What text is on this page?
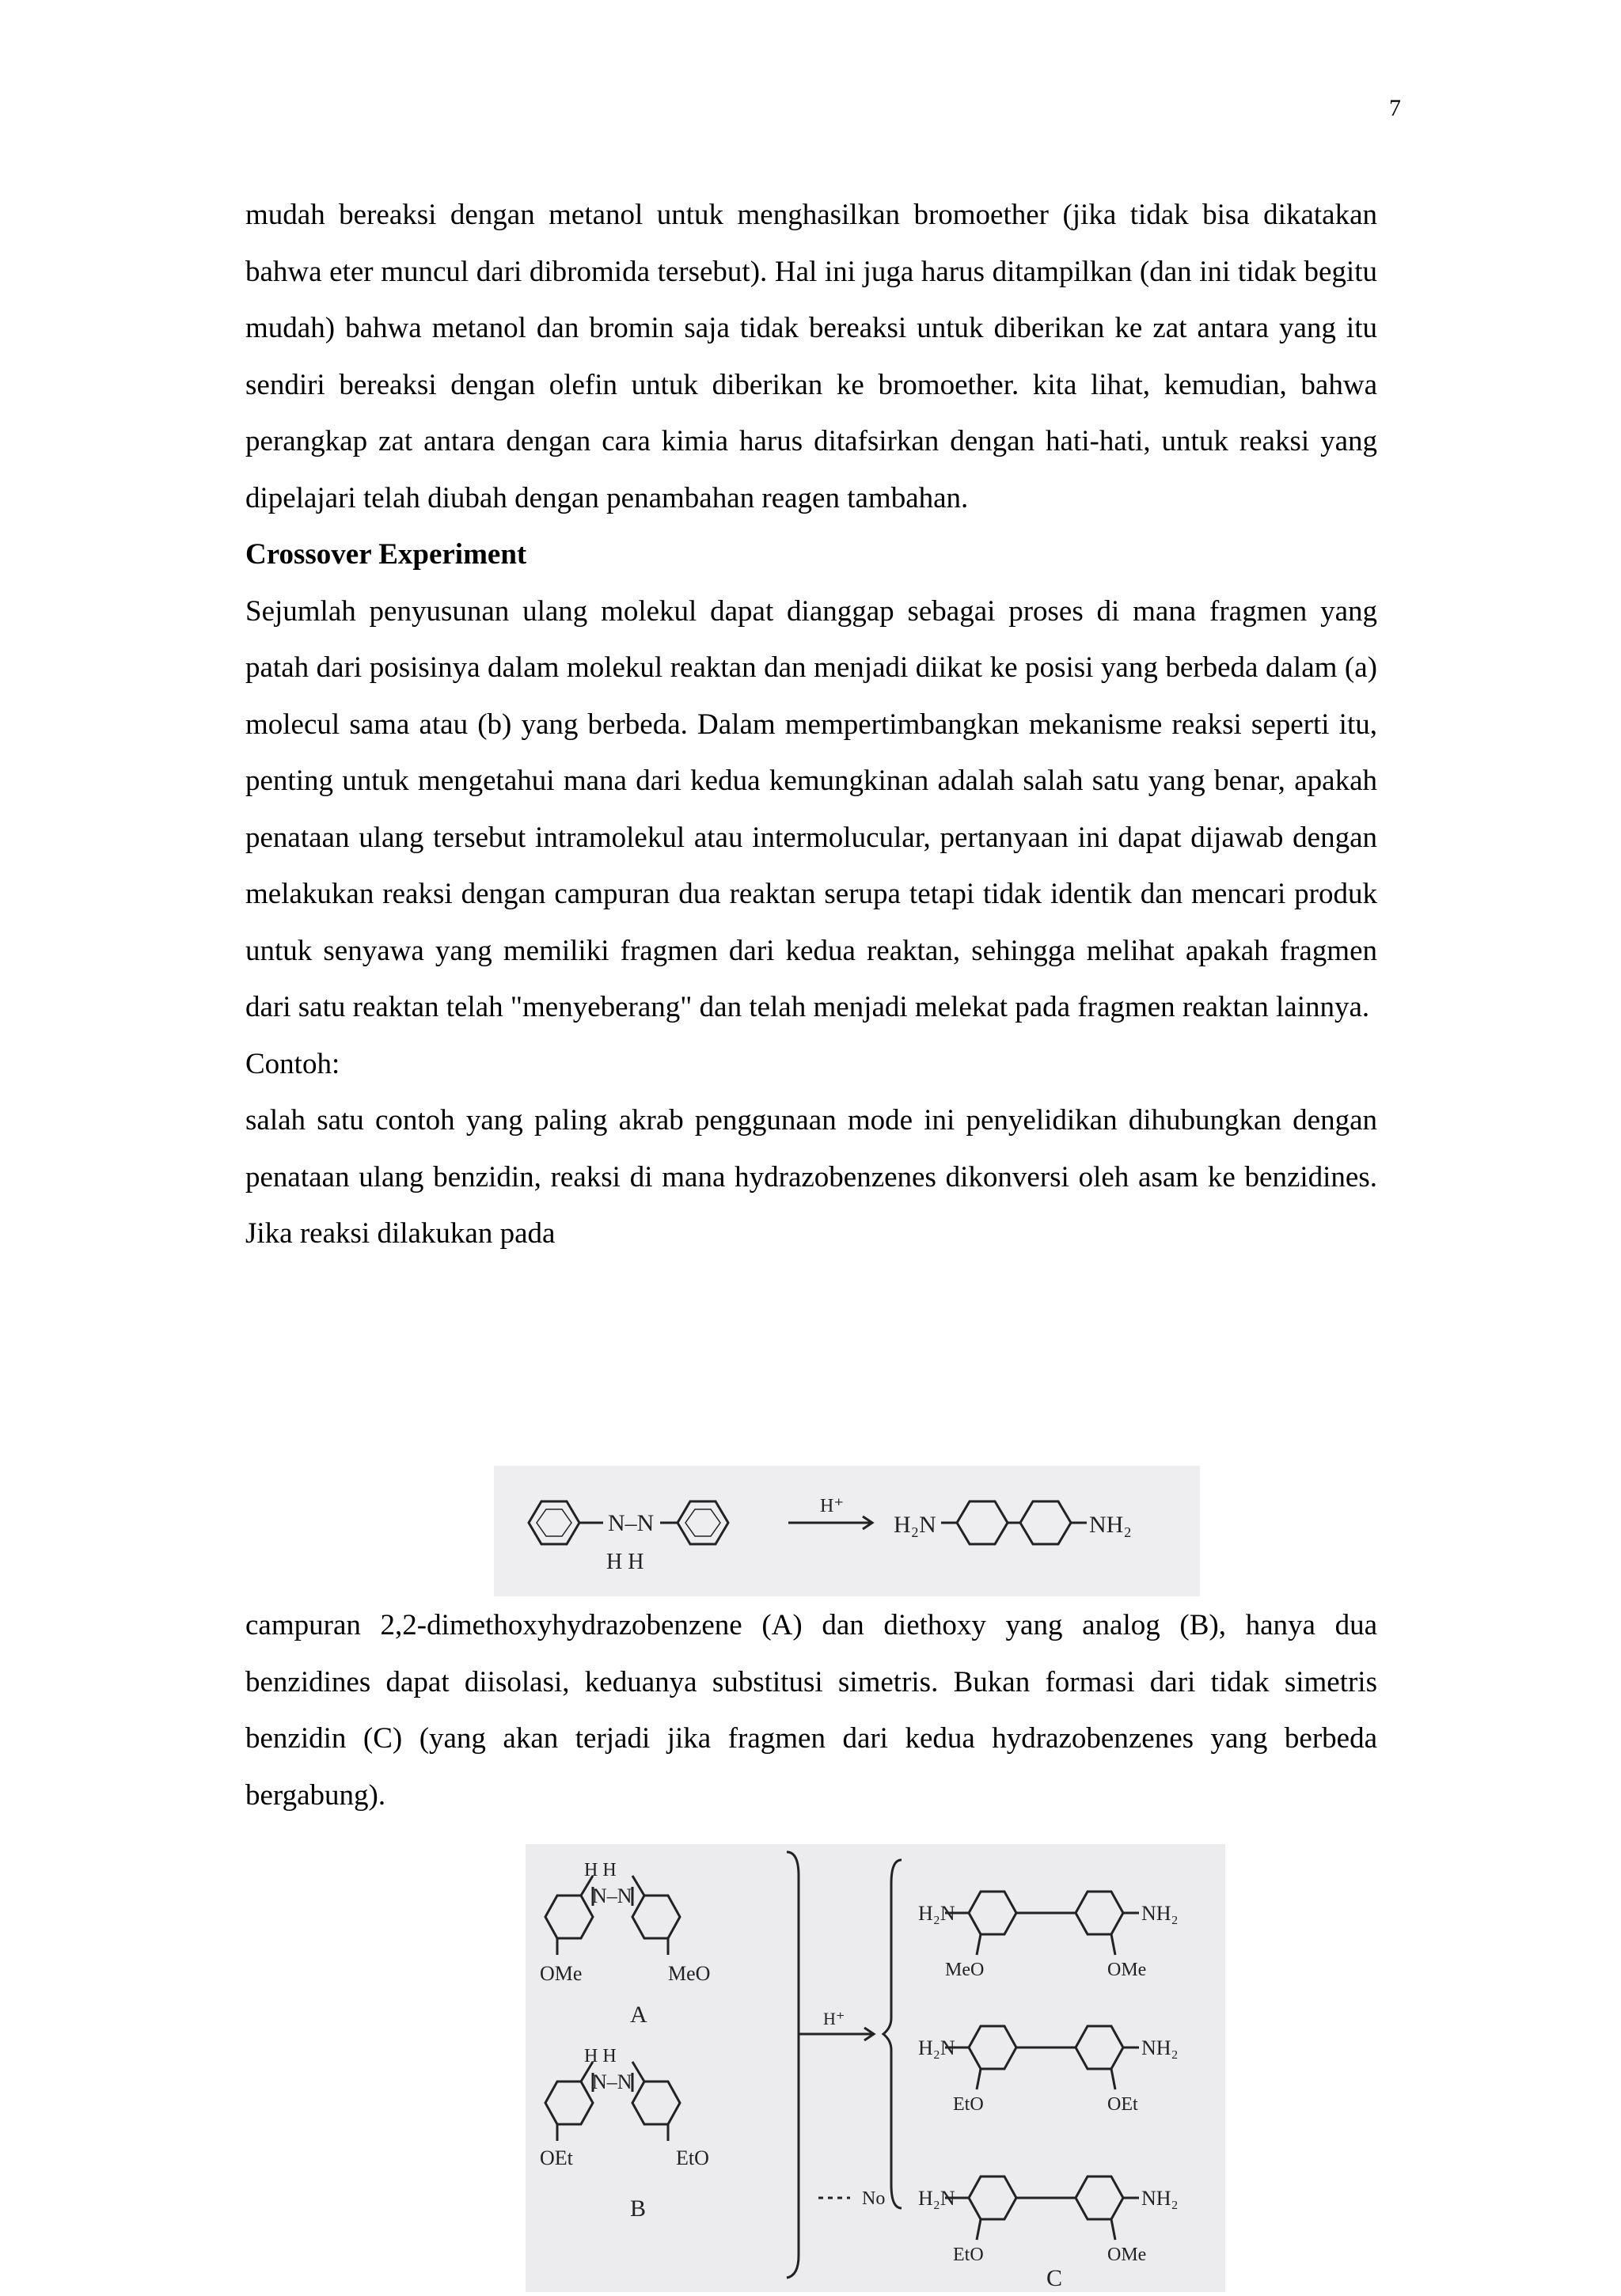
7

mudah bereaksi dengan metanol untuk menghasilkan bromoether (jika tidak bisa dikatakan bahwa eter muncul dari dibromida tersebut). Hal ini juga harus ditampilkan (dan ini tidak begitu mudah) bahwa metanol dan bromin saja tidak bereaksi untuk diberikan ke zat antara yang itu sendiri bereaksi dengan olefin untuk diberikan ke bromoether. kita lihat, kemudian, bahwa perangkap zat antara dengan cara kimia harus ditafsirkan dengan hati-hati, untuk reaksi yang dipelajari telah diubah dengan penambahan reagen tambahan.

Crossover Experiment

Sejumlah penyusunan ulang molekul dapat dianggap sebagai proses di mana fragmen yang patah dari posisinya dalam molekul reaktan dan menjadi diikat ke posisi yang berbeda dalam (a) molecul sama atau (b) yang berbeda. Dalam mempertimbangkan mekanisme reaksi seperti itu, penting untuk mengetahui mana dari kedua kemungkinan adalah salah satu yang benar, apakah penataan ulang tersebut intramolekul atau intermolucular, pertanyaan ini dapat dijawab dengan melakukan reaksi dengan campuran dua reaktan serupa tetapi tidak identik dan mencari produk untuk senyawa yang memiliki fragmen dari kedua reaktan, sehingga melihat apakah fragmen dari satu reaktan telah "menyeberang" dan telah menjadi melekat pada fragmen reaktan lainnya.

Contoh:

salah satu contoh yang paling akrab penggunaan mode ini penyelidikan dihubungkan dengan penataan ulang benzidin, reaksi di mana hydrazobenzenes dikonversi oleh asam ke benzidines. Jika reaksi dilakukan pada

N–N
H H
H⁺
H₂N	NH₂

campuran 2,2-dimethoxyhydrazobenzene (A) dan diethoxy yang analog (B), hanya dua benzidines dapat diisolasi, keduanya substitusi simetris. Bukan formasi dari tidak simetris benzidin (C) (yang akan terjadi jika fragmen dari kedua hydrazobenzenes yang berbeda bergabung).

H H
N–N
OMe	MeO
A
H H
N–N
OEt	EtO
B
H⁺
H₂N	NH₂
MeO	OMe
H₂N	NH₂
EtO	OEt
No H₂N	NH₂
EtO	OMe
C
